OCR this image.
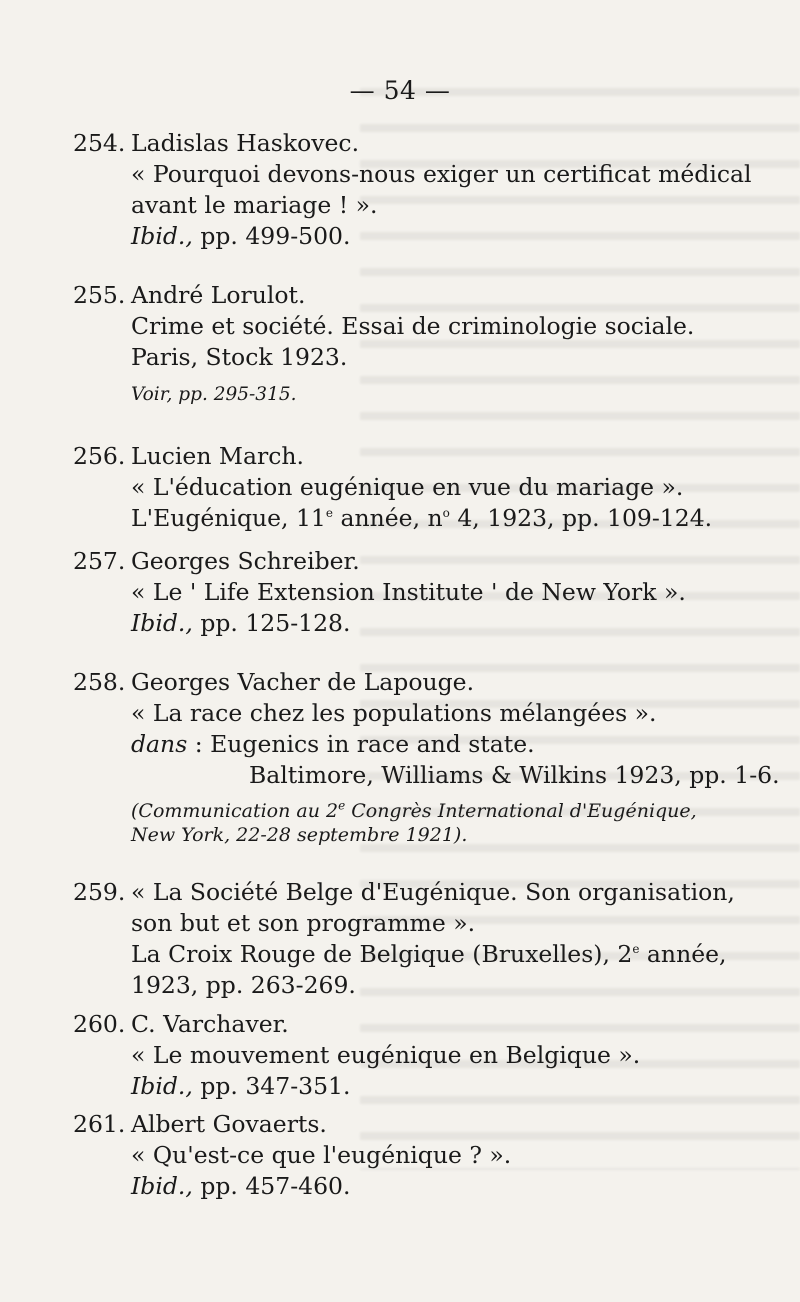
— 54 —
254. Ladislas Haskovec.
« Pourquoi devons-nous exiger un certificat médical
avant le mariage ! ».
Ibid., pp. 499-500.
255. André Lorulot.
Crime et société. Essai de criminologie sociale.
Paris, Stock 1923.
Voir, pp. 295-315.
256. Lucien March.
« L'éducation eugénique en vue du mariage ».
L'Eugénique, 11e année, $n^o$ 4, 1923, pp. 109-124.
257. Georges Schreiber.
« Le ' Life Extension Institute ' de New York ».
Ibid., pp. 125-128.
258. Georges Vacher de Lapouge.
« La race chez les populations mélangées ».
dans : Eugenics in race and state.
Baltimore, Williams & Wilkins 1923, pp. 1-6.
(Communication au 2e Congrès International d'Eugénique,
New York, 22-28 septembre 1921).
259. « La Société Belge d'Eugénique. Son organisation,
son but et son programme ».
La Croix Rouge de Belgique (Bruxelles), 2e année,
1923, pp. 263-269.
260. C. Varchaver.
« Le mouvement eugénique en Belgique ».
Ibid., pp. 347-351.
261. Albert Govaerts.
« Qu'est-ce que l'eugénique ? ».
Ibid., pp. 457-460.
